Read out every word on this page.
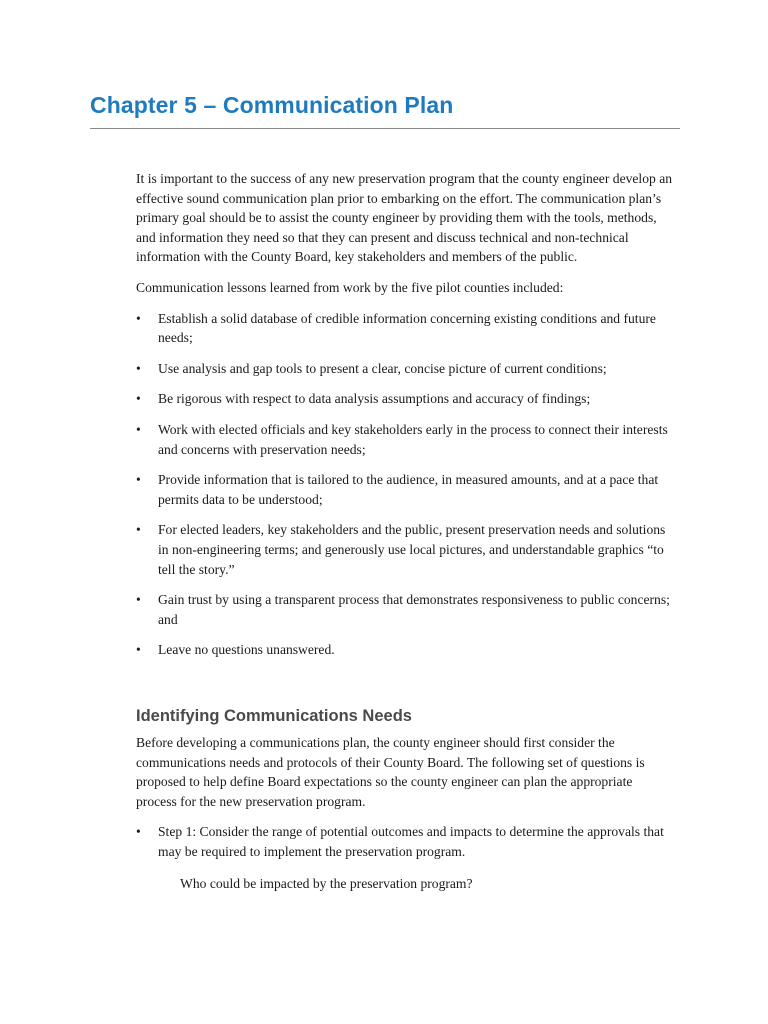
Chapter 5 – Communication Plan

It is important to the success of any new preservation program that the county engineer develop an effective sound communication plan prior to embarking on the effort. The communication plan’s primary goal should be to assist the county engineer by providing them with the tools, methods, and information they need so that they can present and discuss technical and non-technical information with the County Board, key stakeholders and members of the public.

Communication lessons learned from work by the five pilot counties included:

• Establish a solid database of credible information concerning existing conditions and future needs;
• Use analysis and gap tools to present a clear, concise picture of current conditions;
• Be rigorous with respect to data analysis assumptions and accuracy of findings;
• Work with elected officials and key stakeholders early in the process to connect their interests and concerns with preservation needs;
• Provide information that is tailored to the audience, in measured amounts, and at a pace that permits data to be understood;
• For elected leaders, key stakeholders and the public, present preservation needs and solutions in non-engineering terms; and generously use local pictures, and understandable graphics “to tell the story.”
• Gain trust by using a transparent process that demonstrates responsiveness to public concerns; and
• Leave no questions unanswered.
Identifying Communications Needs

Before developing a communications plan, the county engineer should first consider the communications needs and protocols of their County Board. The following set of questions is proposed to help define Board expectations so the county engineer can plan the appropriate process for the new preservation program.

• Step 1: Consider the range of potential outcomes and impacts to determine the approvals that may be required to implement the preservation program.

Who could be impacted by the preservation program?
